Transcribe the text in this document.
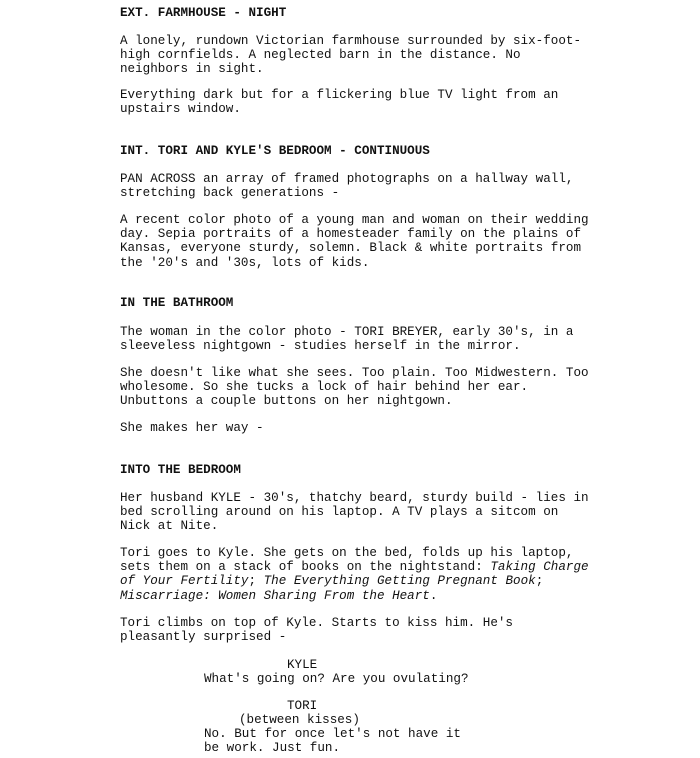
EXT. FARMHOUSE - NIGHT
A lonely, rundown Victorian farmhouse surrounded by six-foot-
high cornfields. A neglected barn in the distance. No
neighbors in sight.
Everything dark but for a flickering blue TV light from an
upstairs window.
INT. TORI AND KYLE'S BEDROOM - CONTINUOUS
PAN ACROSS an array of framed photographs on a hallway wall,
stretching back generations -
A recent color photo of a young man and woman on their wedding
day. Sepia portraits of a homesteader family on the plains of
Kansas, everyone sturdy, solemn. Black & white portraits from
the '20's and '30s, lots of kids.
IN THE BATHROOM
The woman in the color photo - TORI BREYER, early 30's, in a
sleeveless nightgown - studies herself in the mirror.
She doesn't like what she sees. Too plain. Too Midwestern. Too
wholesome. So she tucks a lock of hair behind her ear.
Unbuttons a couple buttons on her nightgown.
She makes her way -
INTO THE BEDROOM
Her husband KYLE - 30's, thatchy beard, sturdy build - lies in
bed scrolling around on his laptop. A TV plays a sitcom on
Nick at Nite.
Tori goes to Kyle. She gets on the bed, folds up his laptop,
sets them on a stack of books on the nightstand: Taking Charge
of Your Fertility; The Everything Getting Pregnant Book;
Miscarriage: Women Sharing From the Heart.
Tori climbs on top of Kyle. Starts to kiss him. He's
pleasantly surprised -
KYLE
What's going on? Are you ovulating?
TORI
(between kisses)
No. But for once let's not have it
be work. Just fun.
